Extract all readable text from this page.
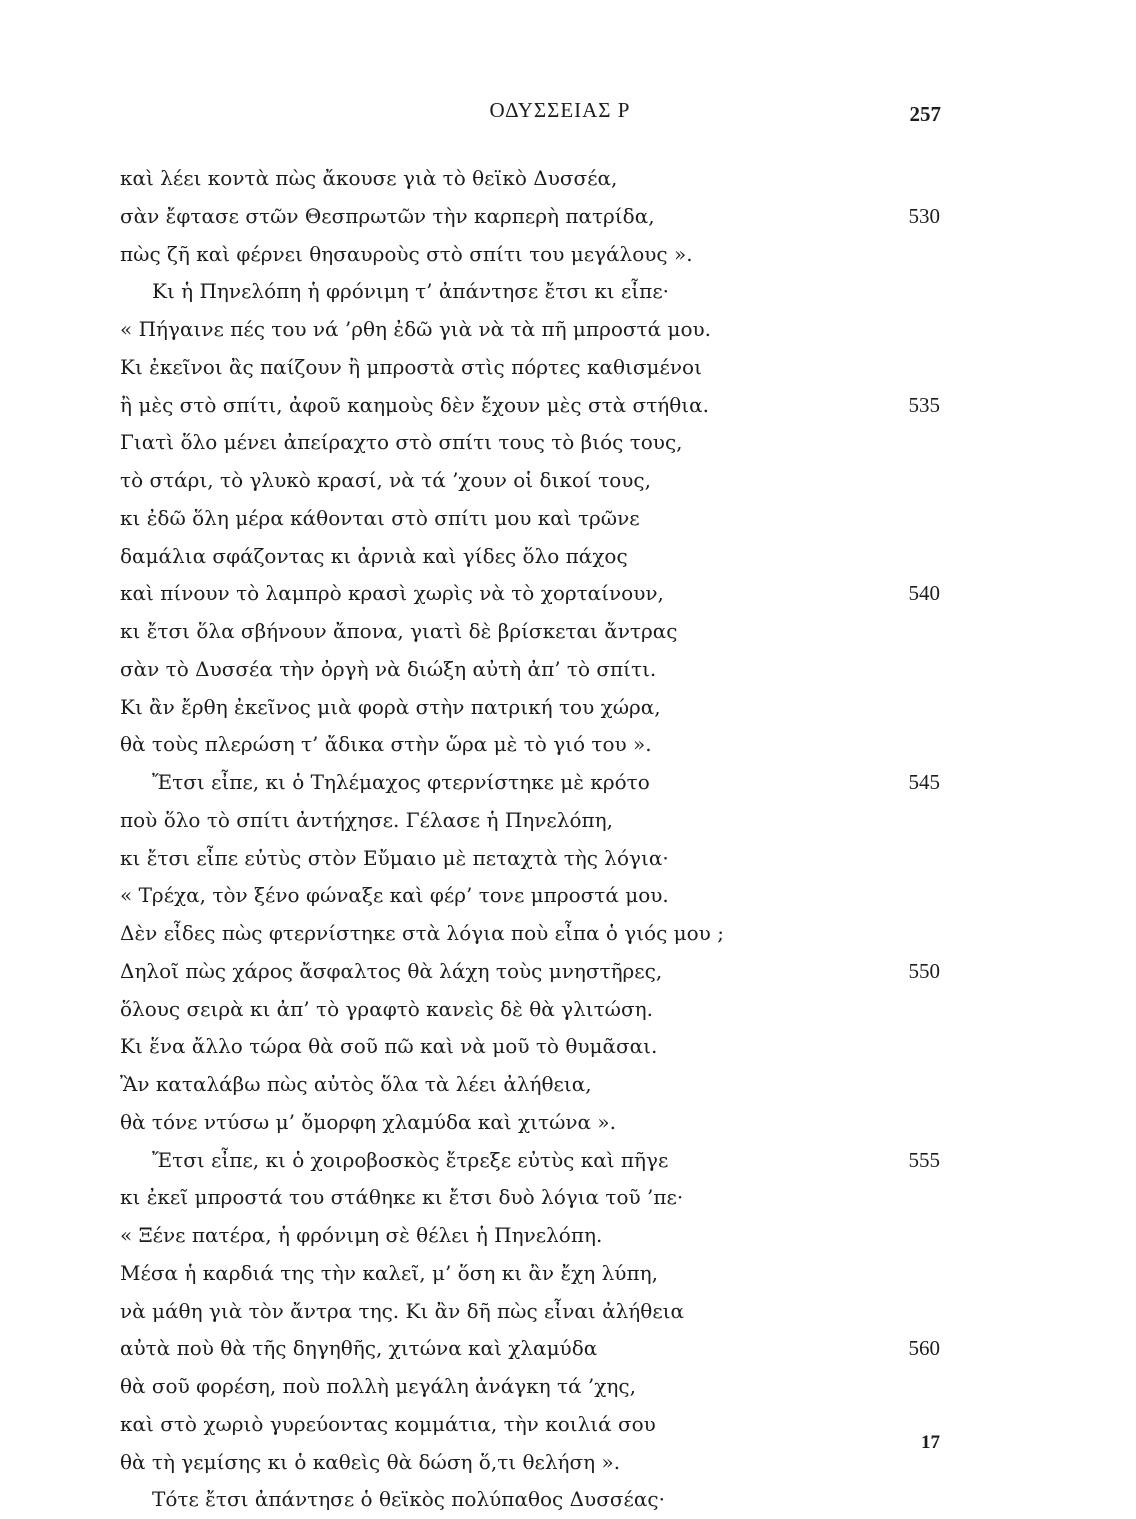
ΟΔΥΣΣΕΙΑΣ Ρ	257
καὶ λέει κοντὰ πὼς ἄκουσε γιὰ τὸ θεϊκὸ Δυσσέα,
σὰν ἔφτασε στῶν Θεσπρωτῶν τὴν καρπερὴ πατρίδα,	530
πὼς ζῆ καὶ φέρνει θησαυροὺς στὸ σπίτι του μεγάλους ».
Κι ἡ Πηνελόπη ἡ φρόνιμη τ’ ἀπάντησε ἔτσι κι εἶπε·
« Πήγαινε πές του νά ’ρθη ἐδῶ γιὰ νὰ τὰ πῆ μπροστά μου.
Κι ἐκεῖνοι ἂς παίζουν ἢ μπροστὰ στὶς πόρτες καθισμένοι
ἢ μὲς στὸ σπίτι, ἀφοῦ καημοὺς δὲν ἔχουν μὲς στὰ στήθια.	535
Γιατὶ ὅλο μένει ἀπείραχτο στὸ σπίτι τους τὸ βιός τους,
τὸ στάρι, τὸ γλυκὸ κρασί, νὰ τά ’χουν οἱ δικοί τους,
κι ἐδῶ ὅλη μέρα κάθονται στὸ σπίτι μου καὶ τρῶνε
δαμάλια σφάζοντας κι ἀρνιὰ καὶ γίδες ὅλο πάχος
καὶ πίνουν τὸ λαμπρὸ κρασὶ χωρὶς νὰ τὸ χορταίνουν,	540
κι ἔτσι ὅλα σβήνουν ἄπονα, γιατὶ δὲ βρίσκεται ἄντρας
σὰν τὸ Δυσσέα τὴν ὀργὴ νὰ διώξη αὐτὴ ἀπ’ τὸ σπίτι.
Κι ἂν ἔρθη ἐκεῖνος μιὰ φορὰ στὴν πατρική του χώρα,
θὰ τοὺς πλερώση τ’ ἄδικα στὴν ὥρα μὲ τὸ γιό του ».
Ἔτσι εἶπε, κι ὁ Τηλέμαχος φτερνίστηκε μὲ κρότο	545
ποὺ ὅλο τὸ σπίτι ἀντήχησε. Γέλασε ἡ Πηνελόπη,
κι ἔτσι εἶπε εὐτὺς στὸν Εὔμαιο μὲ πεταχτὰ τὴς λόγια·
« Τρέχα, τὸν ξένο φώναξε καὶ φέρ’ τονε μπροστά μου.
Δὲν εἶδες πὼς φτερνίστηκε στὰ λόγια ποὺ εἶπα ὁ γιός μου ;
Δηλοῖ πὼς χάρος ἄσφαλτος θὰ λάχη τοὺς μνηστῆρες,	550
ὅλους σειρὰ κι ἀπ’ τὸ γραφτὸ κανεὶς δὲ θὰ γλιτώση.
Κι ἕνα ἄλλο τώρα θὰ σοῦ πῶ καὶ νὰ μοῦ τὸ θυμᾶσαι.
Ἂν καταλάβω πὼς αὐτὸς ὅλα τὰ λέει ἀλήθεια,
θὰ τόνε ντύσω μ’ ὄμορφη χλαμύδα καὶ χιτώνα ».
Ἔτσι εἶπε, κι ὁ χοιροβοσκὸς ἔτρεξε εὐτὺς καὶ πῆγε	555
κι ἐκεῖ μπροστά του στάθηκε κι ἔτσι δυὸ λόγια τοῦ ’πε·
« Ξένε πατέρα, ἡ φρόνιμη σὲ θέλει ἡ Πηνελόπη.
Μέσα ἡ καρδιά της τὴν καλεῖ, μ’ ὅση κι ἂν ἔχη λύπη,
νὰ μάθη γιὰ τὸν ἄντρα της. Κι ἂν δῆ πὼς εἶναι ἀλήθεια
αὐτὰ ποὺ θὰ τῆς δηγηθῆς, χιτώνα καὶ χλαμύδα	560
θὰ σοῦ φορέση, ποὺ πολλὴ μεγάλη ἀνάγκη τά ’χης,
καὶ στὸ χωριὸ γυρεύοντας κομμάτια, τὴν κοιλιά σου
θὰ τὴ γεμίσης κι ὁ καθεὶς θὰ δώση ὅ,τι θελήση ».
Τότε ἔτσι ἀπάντησε ὁ θεϊκὸς πολύπαθος Δυσσέας·
17
